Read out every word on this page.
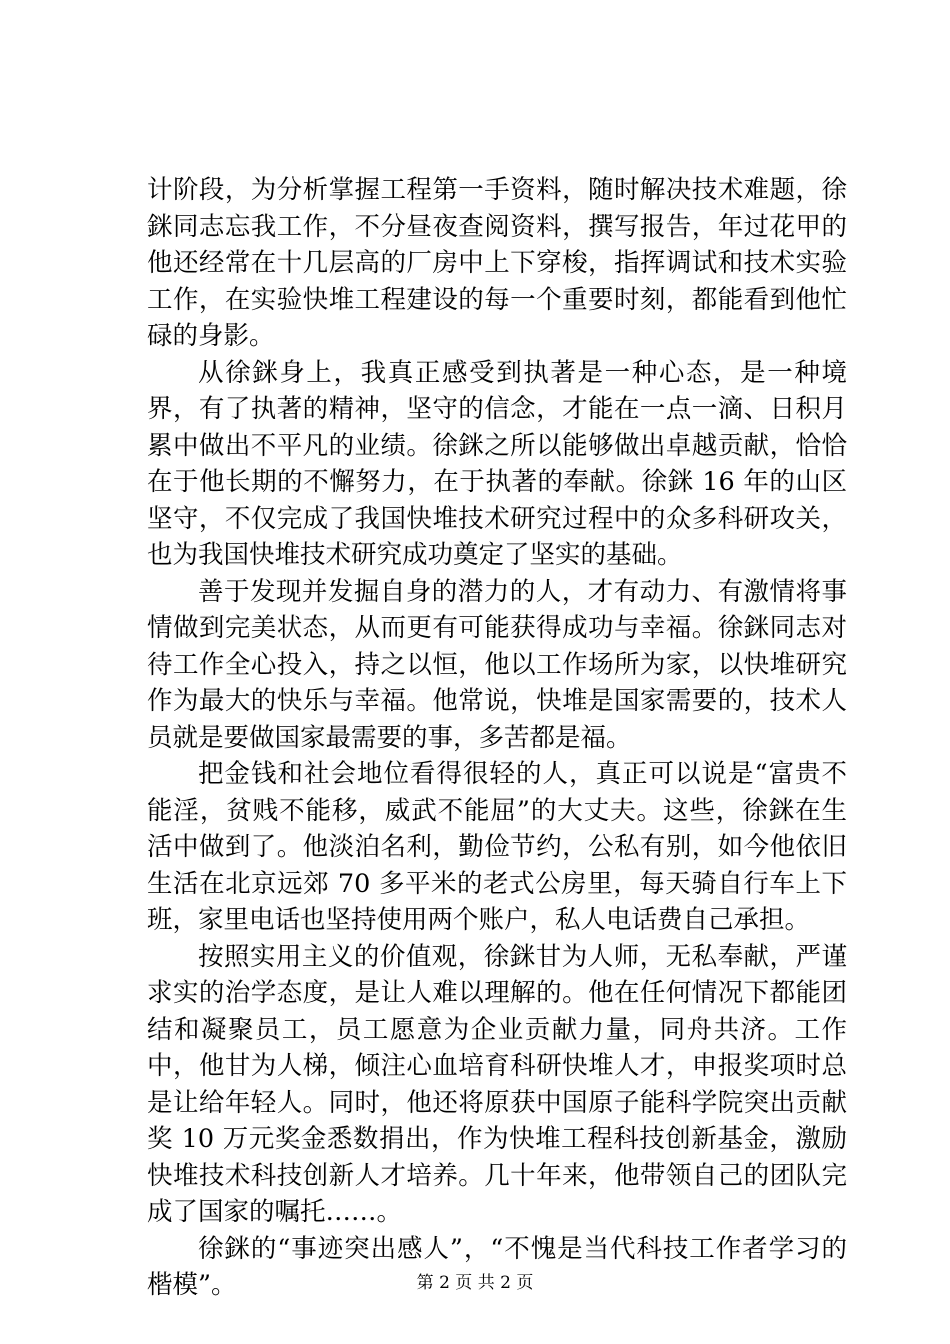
计阶段，为分析掌握工程第一手资料，随时解决技术难题，徐銤同志忘我工作，不分昼夜查阅资料，撰写报告，年过花甲的他还经常在十几层高的厂房中上下穿梭，指挥调试和技术实验工作，在实验快堆工程建设的每一个重要时刻，都能看到他忙碌的身影。

从徐銤身上，我真正感受到执著是一种心态，是一种境界，有了执著的精神，坚守的信念，才能在一点一滴、日积月累中做出不平凡的业绩。徐銤之所以能够做出卓越贡献，恰恰在于他长期的不懈努力，在于执著的奉献。徐銤 16 年的山区坚守，不仅完成了我国快堆技术研究过程中的众多科研攻关，也为我国快堆技术研究成功奠定了坚实的基础。

善于发现并发掘自身的潜力的人，才有动力、有激情将事情做到完美状态，从而更有可能获得成功与幸福。徐銤同志对待工作全心投入，持之以恒，他以工作场所为家，以快堆研究作为最大的快乐与幸福。他常说，快堆是国家需要的，技术人员就是要做国家最需要的事，多苦都是福。

把金钱和社会地位看得很轻的人，真正可以说是“富贵不能淫，贫贱不能移，威武不能屈”的大丈夫。这些，徐銤在生活中做到了。他淡泊名利，勤俭节约，公私有别，如今他依旧生活在北京远郊 70 多平米的老式公房里，每天骑自行车上下班，家里电话也坚持使用两个账户，私人电话费自己承担。

按照实用主义的价值观，徐銤甘为人师，无私奉献，严谨求实的治学态度，是让人难以理解的。他在任何情况下都能团结和凝聚员工，员工愿意为企业贡献力量，同舟共济。工作中，他甘为人梯，倾注心血培育科研快堆人才，申报奖项时总是让给年轻人。同时，他还将原获中国原子能科学院突出贡献奖 10 万元奖金悉数捐出，作为快堆工程科技创新基金，激励快堆技术科技创新人才培养。几十年来，他带领自己的团队完成了国家的嘱托……。

徐銤的“事迹突出感人”，“不愧是当代科技工作者学习的楷模”。	第 2 页 共 2 页
